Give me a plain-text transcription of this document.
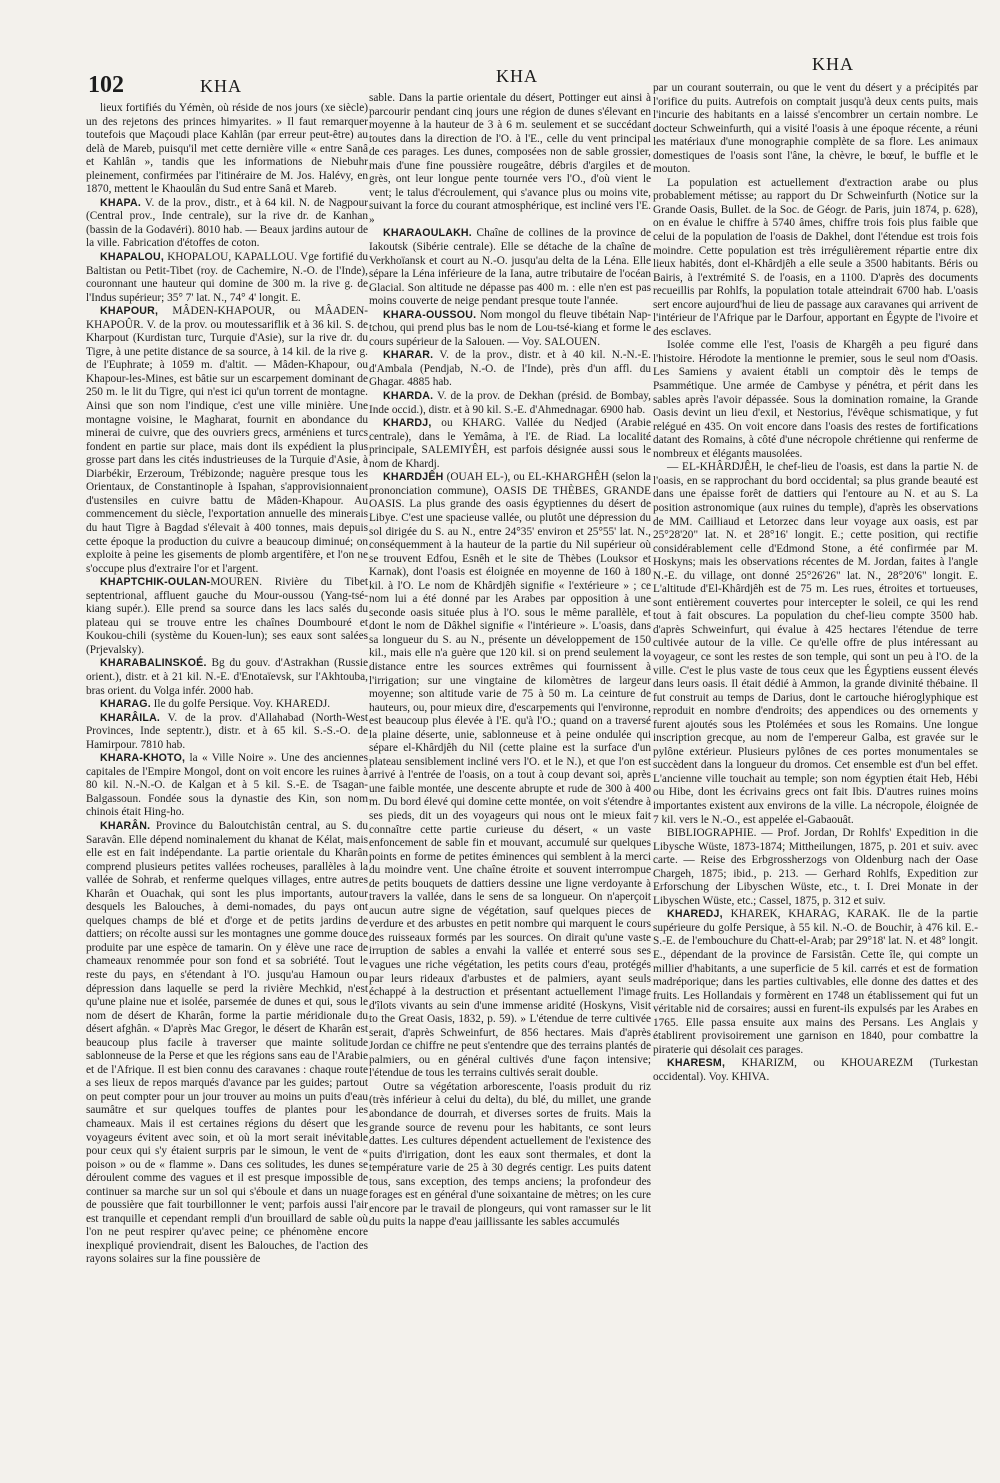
102	KHA	KHA
KHA

lieux fortifiés du Yémèn, où réside de nos jours (xe siècle) un des rejetons des princes himyarites. » Il faut remarquer toutefois que Maçoudi place Kahlân (par erreur peut-être) au delà de Mareb, puisqu'il met cette dernière ville « entre Sanâ et Kahlân », tandis que les informations de Niebuhr pleinement, confirmées par l'itinéraire de M. Jos. Halévy, en 1870, mettent le Khaoulân du Sud entre Sanâ et Mareb.

KHAPA. V. de la prov., distr., et à 64 kil. N. de Nagpour (Central prov., Inde centrale), sur la rive dr. de Kanhan (bassin de la Godavéri). 8010 hab. — Beaux jardins autour de la ville. Fabrication d'étoffes de coton.

KHAPALOU, KHOPALOU, KAPALLOU. Vge fortifié du Baltistan ou Petit-Tibet (roy. de Cachemire, N.-O. de l'Inde), couronnant une hauteur qui domine de 300 m. la rive g. de l'Indus supérieur; 35° 7' lat. N., 74° 4' longit. E.

KHAPOUR, MÂDEN-KHAPOUR, ou MÂADEN-KHAPOÛR. V. de la prov. ou moutessariflik et à 36 kil. S. de Kharpout (Kurdistan turc, Turquie d'Asie), sur la rive dr. du Tigre, à une petite distance de sa source, à 14 kil. de la rive g. de l'Euphrate; à 1059 m. d'altit. — Mâden-Khapour, ou Khapour-les-Mines, est bâtie sur un escarpement dominant de 250 m. le lit du Tigre, qui n'est ici qu'un torrent de montagne. Ainsi que son nom l'indique, c'est une ville minière. Une montagne voisine, le Magharat, fournit en abondance du minerai de cuivre, que des ouvriers grecs, arméniens et turcs fondent en partie sur place, mais dont ils expédient la plus grosse part dans les cités industrieuses de la Turquie d'Asie, à Diarbékir, Erzeroum, Trébizonde; naguère presque tous les Orientaux, de Constantinople à Ispahan, s'approvisionnaient d'ustensiles en cuivre battu de Mâden-Khapour. Au commencement du siècle, l'exportation annuelle des minerais du haut Tigre à Bagdad s'élevait à 400 tonnes, mais depuis cette époque la production du cuivre a beaucoup diminué; on exploite à peine les gisements de plomb argentifère, et l'on ne s'occupe plus d'extraire l'or et l'argent.

KHAPTCHIK-OULAN-MOUREN. Rivière du Tibet septentrional, affluent gauche du Mour-oussou (Yang-tsé-kiang supér.). Elle prend sa source dans les lacs salés du plateau qui se trouve entre les chaînes Doumbouré et Koukou-chili (système du Kouen-lun); ses eaux sont salées (Prjevalsky).

KHARABALINSKOÉ. Bg du gouv. d'Astrakhan (Russie orient.), distr. et à 21 kil. N.-E. d'Enotaïevsk, sur l'Akhtouba, bras orient. du Volga infér. 2000 hab.

KHARAG. Ile du golfe Persique. Voy. KHAREDJ.

KHARÂILA. V. de la prov. d'Allahabad (North-West Provinces, Inde septentr.), distr. et à 65 kil. S.-S.-O. de Hamirpour. 7810 hab.

KHARA-KHOTO, la « Ville Noire ». Une des anciennes capitales de l'Empire Mongol, dont on voit encore les ruines à 80 kil. N.-N.-O. de Kalgan et à 5 kil. S.-E. de Tsagan-Balgassoun. Fondée sous la dynastie des Kin, son nom chinois était Hing-ho.

KHARÂN. Province du Baloutchistân central, au S. du Saravân. Elle dépend nominalement du khanat de Kélat, mais elle est en fait indépendante. La partie orientale du Kharân comprend plusieurs petites vallées rocheuses, parallèles à la vallée de Sohrab, et renferme quelques villages, entre autres Kharân et Ouachak, qui sont les plus importants, autour desquels les Balouches, à demi-nomades, du pays ont quelques champs de blé et d'orge et de petits jardins de dattiers; on récolte aussi sur les montagnes une gomme douce produite par une espèce de tamarin. On y élève une race de chameaux renommée pour son fond et sa sobriété. Tout le reste du pays, en s'étendant à l'O. jusqu'au Hamoun ou dépression dans laquelle se perd la rivière Mechkid, n'est qu'une plaine nue et isolée, parsemée de dunes et qui, sous le nom de désert de Kharân, forme la partie méridionale du désert afghân. « D'après Mac Gregor, le désert de Kharân est beaucoup plus facile à traverser que mainte solitude sablonneuse de la Perse et que les régions sans eau de l'Arabie et de l'Afrique. Il est bien connu des caravanes : chaque route a ses lieux de repos marqués d'avance par les guides; partout on peut compter pour un jour trouver au moins un puits d'eau saumâtre et sur quelques touffes de plantes pour les chameaux. Mais il est certaines régions du désert que les voyageurs évitent avec soin, et où la mort serait inévitable pour ceux qui s'y étaient surpris par le simoun, le vent de « poison » ou de « flamme ». Dans ces solitudes, les dunes se déroulent comme des vagues et il est presque impossible de continuer sa marche sur un sol qui s'éboule et dans un nuage de poussière que fait tourbillonner le vent; parfois aussi l'air est tranquille et cependant rempli d'un brouillard de sable où l'on ne peut respirer qu'avec peine; ce phénomène encore inexpliqué proviendrait, disent les Balouches, de l'action des rayons solaires sur la fine poussière de

sable. Dans la partie orientale du désert, Pottinger eut ainsi à parcourir pendant cinq jours une région de dunes s'élevant en moyenne à la hauteur de 3 à 6 m. seulement et se succédant toutes dans la direction de l'O. à l'E., celle du vent principal de ces parages. Les dunes, composées non de sable grossier, mais d'une fine poussière rougeâtre, débris d'argiles et de grès, ont leur longue pente tournée vers l'O., d'où vient le vent; le talus d'écroulement, qui s'avance plus ou moins vite, suivant la force du courant atmosphérique, est incliné vers l'E. »

KHARAOULAKH. Chaîne de collines de la province de Iakoutsk (Sibérie centrale). Elle se détache de la chaîne de Verkhoïansk et court au N.-O. jusqu'au delta de la Léna. Elle sépare la Léna inférieure de la Iana, autre tributaire de l'océan Glacial. Son altitude ne dépasse pas 400 m. : elle n'en est pas moins couverte de neige pendant presque toute l'année.

KHARA-OUSSOU. Nom mongol du fleuve tibétain Nap-tchou, qui prend plus bas le nom de Lou-tsé-kiang et forme le cours supérieur de la Salouen. — Voy. SALOUEN.

KHARAR. V. de la prov., distr. et à 40 kil. N.-N.-E. d'Ambala (Pendjab, N.-O. de l'Inde), près d'un affl. du Ghagar. 4885 hab.

KHARDA. V. de la prov. de Dekhan (présid. de Bombay, Inde occid.), distr. et à 90 kil. S.-E. d'Ahmednagar. 6900 hab.

KHARDJ, ou KHARG. Vallée du Nedjed (Arabie centrale), dans le Yemâma, à l'E. de Riad. La localité principale, SALEMIYÊH, est parfois désignée aussi sous le nom de Khardj.

KHARDJÊH (OUAH EL-), ou EL-KHARGHÊH (selon la prononciation commune), OASIS DE THÈBES, GRANDE OASIS. La plus grande des oasis égyptiennes du désert de Libye. C'est une spacieuse vallée, ou plutôt une dépression du sol dirigée du S. au N., entre 24°35' environ et 25°55' lat. N., conséquemment à la hauteur de la partie du Nil supérieur où se trouvent Edfou, Esnêh et le site de Thèbes (Louksor et Karnak), dont l'oasis est éloignée en moyenne de 160 à 180 kil. à l'O. Le nom de Khârdjêh signifie « l'extérieure » ; ce nom lui a été donné par les Arabes par opposition à une seconde oasis située plus à l'O. sous le même parallèle, et dont le nom de Dâkhel signifie « l'intérieure ». L'oasis, dans sa longueur du S. au N., présente un développement de 150 kil., mais elle n'a guère que 120 kil. si on prend seulement la distance entre les sources extrêmes qui fournissent à l'irrigation; sur une vingtaine de kilomètres de largeur moyenne; son altitude varie de 75 à 50 m. La ceinture de hauteurs, ou, pour mieux dire, d'escarpements qui l'environne, est beaucoup plus élevée à l'E. qu'à l'O.; quand on a traversé la plaine déserte, unie, sablonneuse et à peine ondulée qui sépare el-Khârdjêh du Nil (cette plaine est la surface d'un plateau sensiblement incliné vers l'O. et le N.), et que l'on est arrivé à l'entrée de l'oasis, on a tout à coup devant soi, après une faible montée, une descente abrupte et rude de 300 à 400 m. Du bord élevé qui domine cette montée, on voit s'étendre à ses pieds, dit un des voyageurs qui nous ont le mieux fait connaître cette partie curieuse du désert, « un vaste enfoncement de sable fin et mouvant, accumulé sur quelques points en forme de petites éminences qui semblent à la merci du moindre vent. Une chaîne étroite et souvent interrompue de petits bouquets de dattiers dessine une ligne verdoyante à travers la vallée, dans le sens de sa longueur. On n'aperçoit aucun autre signe de végétation, sauf quelques pieces de verdure et des arbustes en petit nombre qui marquent le cours des ruisseaux formés par les sources. On dirait qu'une vaste irruption de sables a envahi la vallée et enterré sous ses vagues une riche végétation, les petits cours d'eau, protégés par leurs rideaux d'arbustes et de palmiers, ayant seuls échappé à la destruction et présentant actuellement l'image d'îlots vivants au sein d'une immense aridité (Hoskyns, Visit to the Great Oasis, 1832, p. 59). » L'étendue de terre cultivée serait, d'après Schweinfurt, de 856 hectares. Mais d'après Jordan ce chiffre ne peut s'entendre que des terrains plantés de palmiers, ou en général cultivés d'une façon intensive; l'étendue de tous les terrains cultivés serait double.

Outre sa végétation arborescente, l'oasis produit du riz (très inférieur à celui du delta), du blé, du millet, une grande abondance de dourrah, et diverses sortes de fruits. Mais la grande source de revenu pour les habitants, ce sont leurs dattes. Les cultures dépendent actuellement de l'existence des puits d'irrigation, dont les eaux sont thermales, et dont la température varie de 25 à 30 degrés centigr. Les puits datent tous, sans exception, des temps anciens; la profondeur des forages est en général d'une soixantaine de mètres; on les cure encore par le travail de plongeurs, qui vont ramasser sur le lit du puits la nappe d'eau jaillissante les sables accumulés

par un courant souterrain, ou que le vent du désert y a précipités par l'orifice du puits. Autrefois on comptait jusqu'à deux cents puits, mais l'incurie des habitants en a laissé s'encombrer un certain nombre. Le docteur Schweinfurth, qui a visité l'oasis à une époque récente, a réuni les matériaux d'une monographie complète de sa flore. Les animaux domestiques de l'oasis sont l'âne, la chèvre, le bœuf, le buffle et le mouton.

La population est actuellement d'extraction arabe ou plus probablement métisse; au rapport du Dr Schweinfurth (Notice sur la Grande Oasis, Bullet. de la Soc. de Géogr. de Paris, juin 1874, p. 628), on en évalue le chiffre à 5740 âmes, chiffre trois fois plus faible que celui de la population de l'oasis de Dakhel, dont l'étendue est trois fois moindre. Cette population est très irrégulièrement répartie entre dix lieux habités, dont el-Khârdjêh a elle seule a 3500 habitants. Béris ou Bairis, à l'extrémité S. de l'oasis, en a 1100. D'après des documents recueillis par Rohlfs, la population totale atteindrait 6700 hab. L'oasis sert encore aujourd'hui de lieu de passage aux caravanes qui arrivent de l'intérieur de l'Afrique par le Darfour, apportant en Égypte de l'ivoire et des esclaves.

Isolée comme elle l'est, l'oasis de Khargêh a peu figuré dans l'histoire. Hérodote la mentionne le premier, sous le seul nom d'Oasis. Les Samiens y avaient établi un comptoir dès le temps de Psammétique. Une armée de Cambyse y pénétra, et périt dans les sables après l'avoir dépassée. Sous la domination romaine, la Grande Oasis devint un lieu d'exil, et Nestorius, l'évêque schismatique, y fut relégué en 435. On voit encore dans l'oasis des restes de fortifications datant des Romains, à côté d'une nécropole chrétienne qui renferme de nombreux et élégants mausolées.

— EL-KHÂRDJÊH, le chef-lieu de l'oasis, est dans la partie N. de l'oasis, en se rapprochant du bord occidental; sa plus grande beauté est dans une épaisse forêt de dattiers qui l'entoure au N. et au S. La position astronomique (aux ruines du temple), d'après les observations de MM. Cailliaud et Letorzec dans leur voyage aux oasis, est par 25°28'20" lat. N. et 28°16' longit. E.; cette position, qui rectifie considérablement celle d'Edmond Stone, a été confirmée par M. Hoskyns; mais les observations récentes de M. Jordan, faites à l'angle N.-E. du village, ont donné 25°26'26" lat. N., 28°20'6" longit. E. L'altitude d'El-Khârdjêh est de 75 m. Les rues, étroites et tortueuses, sont entièrement couvertes pour intercepter le soleil, ce qui les rend tout à fait obscures. La population du chef-lieu compte 3500 hab. d'après Schweinfurt, qui évalue à 425 hectares l'étendue de terre cultivée autour de la ville. Ce qu'elle offre de plus intéressant au voyageur, ce sont les restes de son temple, qui sont un peu à l'O. de la ville. C'est le plus vaste de tous ceux que les Égyptiens eussent élevés dans leurs oasis. Il était dédié à Ammon, la grande divinité thébaine. Il fut construit au temps de Darius, dont le cartouche hiéroglyphique est reproduit en nombre d'endroits; des appendices ou des ornements y furent ajoutés sous les Ptolémées et sous les Romains. Une longue inscription grecque, au nom de l'empereur Galba, est gravée sur le pylône extérieur. Plusieurs pylônes de ces portes monumentales se succèdent dans la longueur du dromos. Cet ensemble est d'un bel effet. L'ancienne ville touchait au temple; son nom égyptien était Heb, Hébi ou Hibe, dont les écrivains grecs ont fait Ibis. D'autres ruines moins importantes existent aux environs de la ville. La nécropole, éloignée de 7 kil. vers le N.-O., est appelée el-Gabaouât.

BIBLIOGRAPHIE. — Prof. Jordan, Dr Rohlfs' Expedition in die Libysche Wüste, 1873-1874; Mittheilungen, 1875, p. 201 et suiv. avec carte. — Reise des Erbgrossherzogs von Oldenburg nach der Oase Chargeh, 1875; ibid., p. 213. — Gerhard Rohlfs, Expedition zur Erforschung der Libyschen Wüste, etc., t. I. Drei Monate in der Libyschen Wüste, etc.; Cassel, 1875, p. 312 et suiv.

KHAREDJ, KHAREK, KHARAG, KARAK. Ile de la partie supérieure du golfe Persique, à 55 kil. N.-O. de Bouchir, à 476 kil. E.-S.-E. de l'embouchure du Chatt-el-Arab; par 29°18' lat. N. et 48° longit. E., dépendant de la province de Farsistân. Cette île, qui compte un millier d'habitants, a une superficie de 5 kil. carrés et est de formation madréporique; dans les parties cultivables, elle donne des dattes et des fruits. Les Hollandais y formèrent en 1748 un établissement qui fut un véritable nid de corsaires; aussi en furent-ils expulsés par les Arabes en 1765. Elle passa ensuite aux mains des Persans. Les Anglais y établirent provisoirement une garnison en 1840, pour combattre la piraterie qui désolait ces parages.

KHARESM, KHARIZM, ou KHOUAREZM (Turkestan occidental). Voy. KHIVA.
